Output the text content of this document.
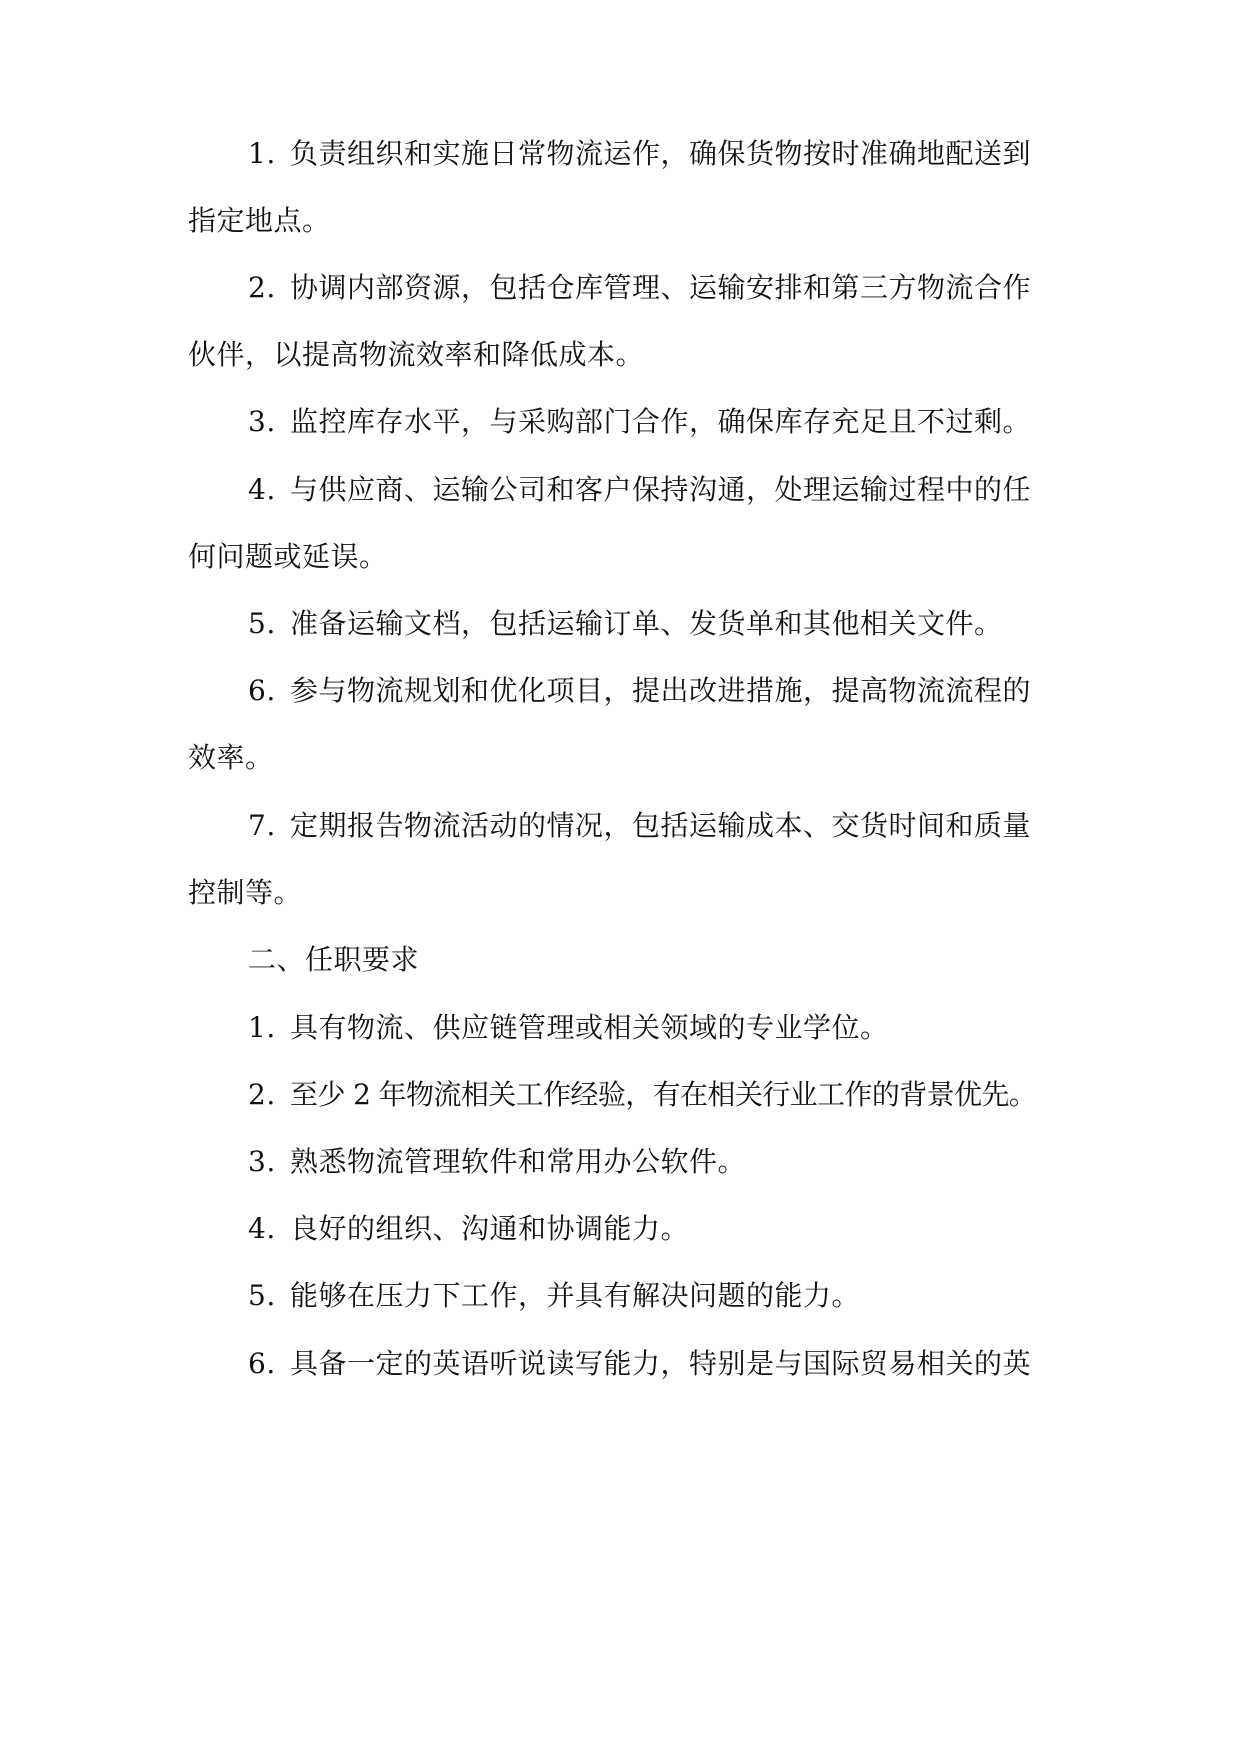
1. 负责组织和实施日常物流运作，确保货物按时准确地配送到
指定地点。
2. 协调内部资源，包括仓库管理、运输安排和第三方物流合作
伙伴，以提高物流效率和降低成本。
3. 监控库存水平，与采购部门合作，确保库存充足且不过剩。
4. 与供应商、运输公司和客户保持沟通，处理运输过程中的任
何问题或延误。
5. 准备运输文档，包括运输订单、发货单和其他相关文件。
6. 参与物流规划和优化项目，提出改进措施，提高物流流程的
效率。
7. 定期报告物流活动的情况，包括运输成本、交货时间和质量
控制等。
二、任职要求
1. 具有物流、供应链管理或相关领域的专业学位。
2. 至少 2 年物流相关工作经验，有在相关行业工作的背景优先。
3. 熟悉物流管理软件和常用办公软件。
4. 良好的组织、沟通和协调能力。
5. 能够在压力下工作，并具有解决问题的能力。
6. 具备一定的英语听说读写能力，特别是与国际贸易相关的英
